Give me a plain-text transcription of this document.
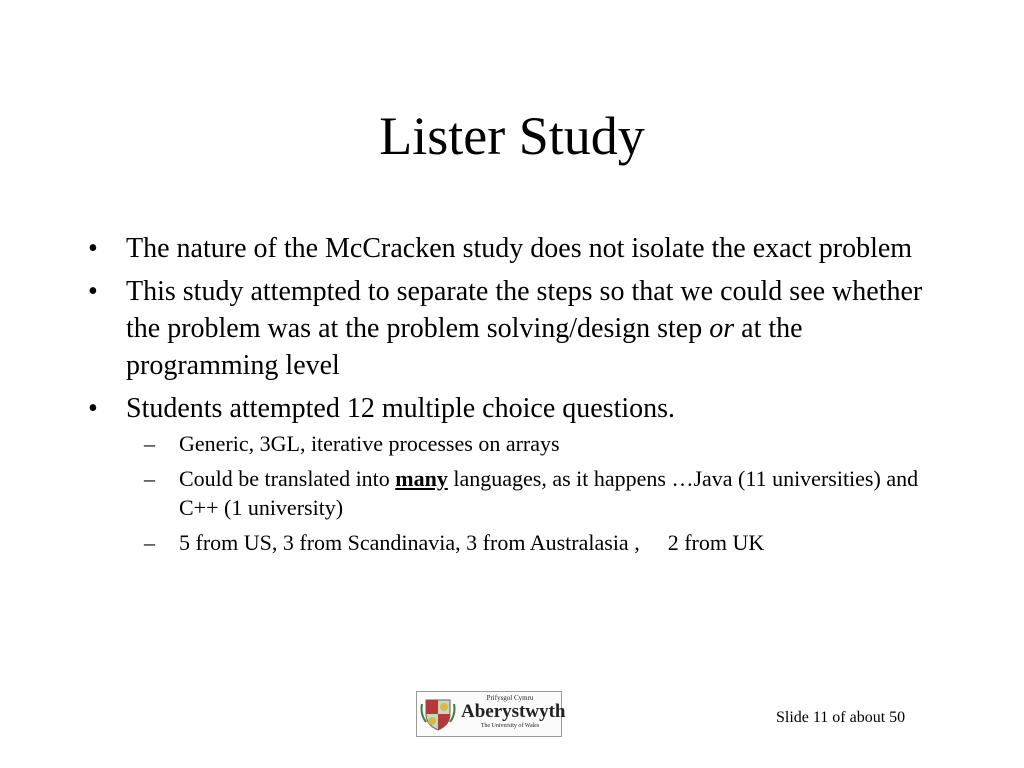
Lister Study
• The nature of the McCracken study does not isolate the exact problem
• This study attempted to separate the steps so that we could see whether the problem was at the problem solving/design step or at the programming level
• Students attempted 12 multiple choice questions.
– Generic, 3GL, iterative processes on arrays
– Could be translated into many languages, as it happens …Java (11 universities) and C++ (1 university)
– 5 from US, 3 from Scandinavia, 3 from Australasia , 2 from UK
Prifysgol Cymru
Aberystwyth
The University of Wales	Slide 11 of about 50
